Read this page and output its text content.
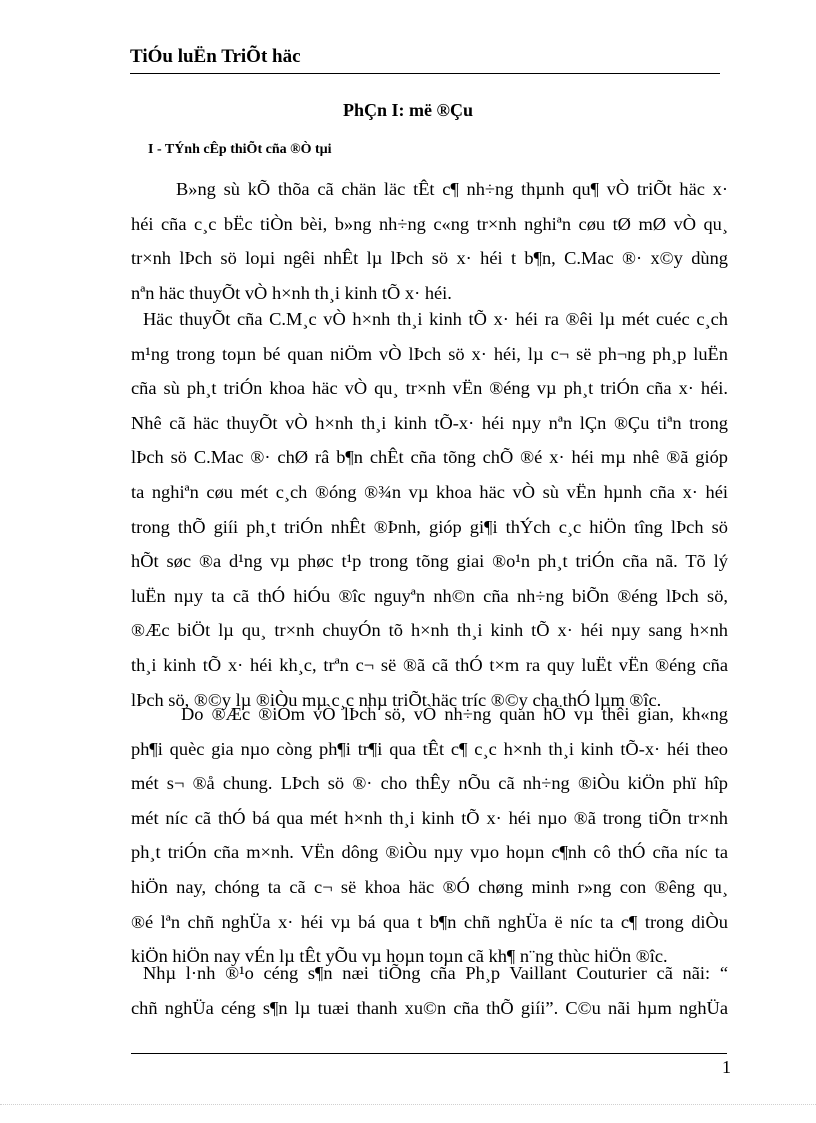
TiÓu luËn TriÕt häc
PhÇn I: më ®Çu
I - TÝnh cÊp thiÕt cña ®Ò tµi
B»ng sù kÕ thõa cã chän läc tÊt c¶ nh÷ng thµnh qu¶ vÒ triÕt häc x·
héi cña c¸c bËc tiÒn bèi, b»ng nh÷ng c«ng tr×nh nghiªn cøu tØ mØ vÒ qu¸
tr×nh lÞch sö loµi ngêi nhÊt lµ lÞch sö x· héi t b¶n, C.Mac ®· x©y dùng
nªn häc thuyÕt vÒ h×nh th¸i kinh tÕ x· héi.
Häc thuyÕt cña C.M¸c vÒ h×nh th¸i kinh tÕ x· héi ra ®êi lµ mét cuéc c¸ch
m¹ng trong toµn bé quan niÖm vÒ lÞch sö x· héi, lµ c¬ së ph¬ng ph¸p luËn
cña sù ph¸t triÓn khoa häc vÒ qu¸ tr×nh vËn ®éng vµ ph¸t triÓn cña x· héi.
Nhê cã häc thuyÕt vÒ h×nh th¸i kinh tÕ-x· héi nµy nªn lÇn ®Çu tiªn trong
lÞch sö C.Mac ®· chØ râ b¶n chÊt cña tõng chÕ ®é x· héi mµ nhê ®ã gióp
ta nghiªn cøu mét c¸ch ®óng ®¾n vµ khoa häc vÒ sù vËn hµnh cña x· héi
trong thÕ giíi ph¸t triÓn nhÊt ®Þnh, gióp gi¶i thÝch c¸c hiÖn tîng lÞch sö
hÕt søc ®a d¹ng vµ phøc t¹p trong tõng giai ®o¹n ph¸t triÓn cña nã. Tõ lý
luËn nµy ta cã thÓ hiÓu ®îc nguyªn nh©n cña nh÷ng biÕn ®éng lÞch sö,
®Æc biÖt lµ qu¸ tr×nh chuyÓn tõ h×nh th¸i kinh tÕ x· héi nµy sang h×nh
th¸i kinh tÕ x· héi kh¸c, trªn c¬ së ®ã cã thÓ t×m ra quy luËt vËn ®éng cña
lÞch sö, ®©y lµ ®iÒu mµ c¸c nhµ triÕt häc tríc ®©y cha thÓ lµm ®îc.
Do ®Æc ®iÓm vÒ lÞch sö, vÒ nh÷ng quan hÖ vµ thêi gian, kh«ng
ph¶i quèc gia nµo còng ph¶i tr¶i qua tÊt c¶ c¸c h×nh th¸i kinh tÕ-x· héi theo
mét s¬ ®å chung. LÞch sö ®· cho thÊy nÕu cã nh÷ng ®iÒu kiÖn phï hîp
mét níc cã thÓ bá qua mét h×nh th¸i kinh tÕ x· héi nµo ®ã trong tiÕn tr×nh
ph¸t triÓn cña m×nh. VËn dông ®iÒu nµy vµo hoµn c¶nh cô thÓ cña níc ta
hiÖn nay, chóng ta cã c¬ së khoa häc ®Ó chøng minh r»ng con ®êng qu¸
®é lªn chñ nghÜa x· héi vµ bá qua t b¶n chñ nghÜa ë níc ta c¶ trong diÒu
kiÖn hiÖn nay vÉn lµ tÊt yÕu vµ hoµn toµn cã kh¶ n¨ng thùc hiÖn ®îc.
Nhµ l·nh ®¹o céng s¶n næi tiÕng cña Ph¸p Vaillant Couturier cã nãi: “
chñ nghÜa céng s¶n lµ tuæi thanh xu©n cña thÕ giíi”. C©u nãi hµm nghÜa
1
